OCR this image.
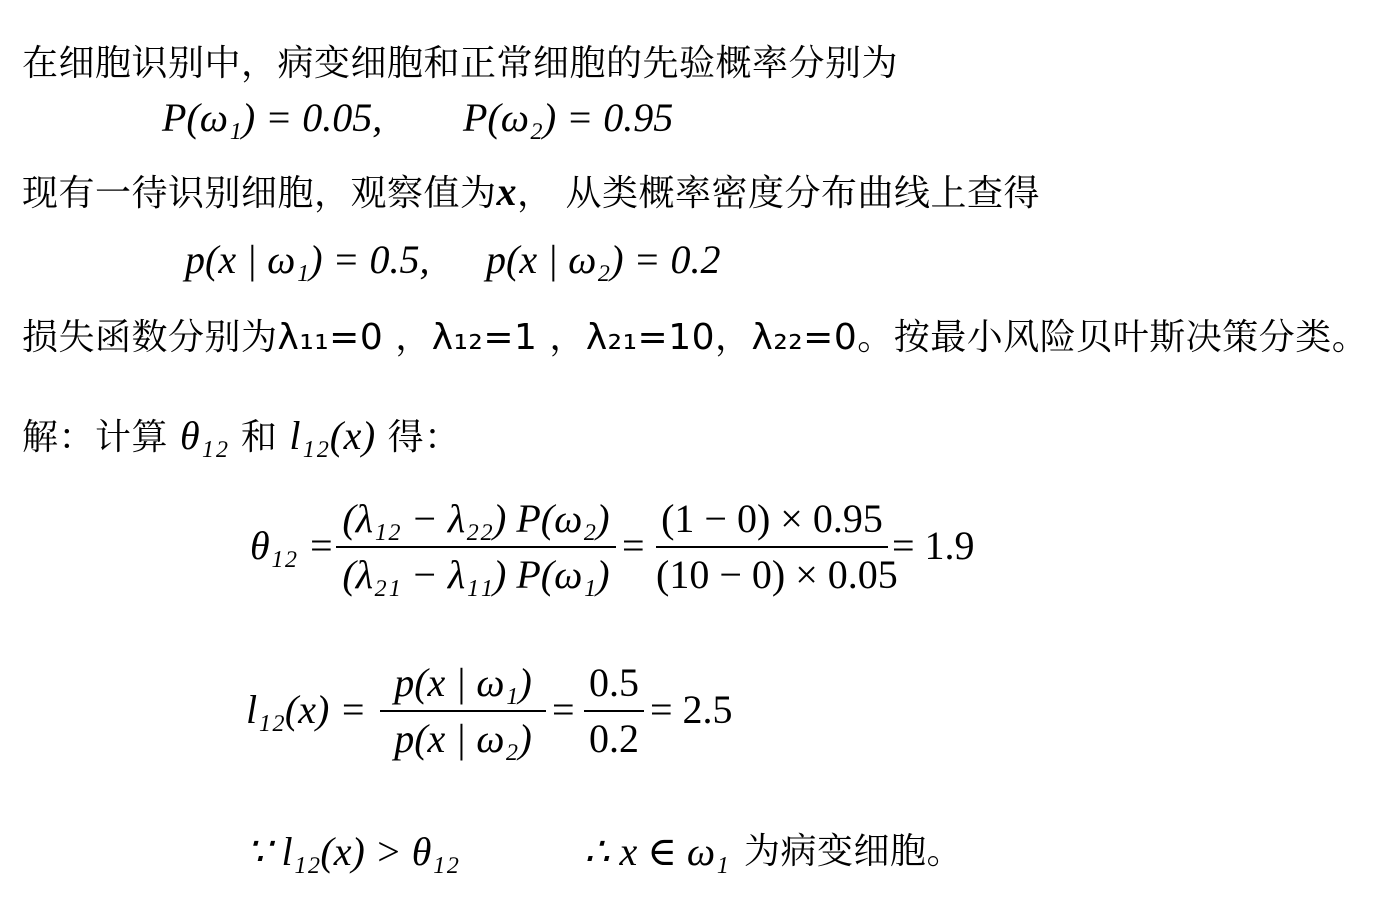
在细胞识别中，病变细胞和正常细胞的先验概率分别为
P(ω₁) = 0.05, P(ω₂) = 0.95
现有一待识别细胞，观察值为x， 从类概率密度分布曲线上查得
p(x | ω₁) = 0.5, p(x | ω₂) = 0.2
损失函数分别为λ₁₁=0 ，λ₁₂=1 ，λ₂₁=10，λ₂₂=0。按最小风险贝叶斯决策分类。
解：计算 θ₁₂ 和 l₁₂(x) 得：
θ₁₂ =
(λ₁₂ − λ₂₂) P(ω₂)
(λ₂₁ − λ₁₁) P(ω₁)
=
(1 − 0) × 0.95
(10 − 0) × 0.05
= 1.9
l₁₂(x) =
p(x | ω₁)
p(x | ω₂)
=
0.5
0.2
= 2.5
∵ l₁₂(x) > θ₁₂	∴ x ∈ ω₁ 为病变细胞。
